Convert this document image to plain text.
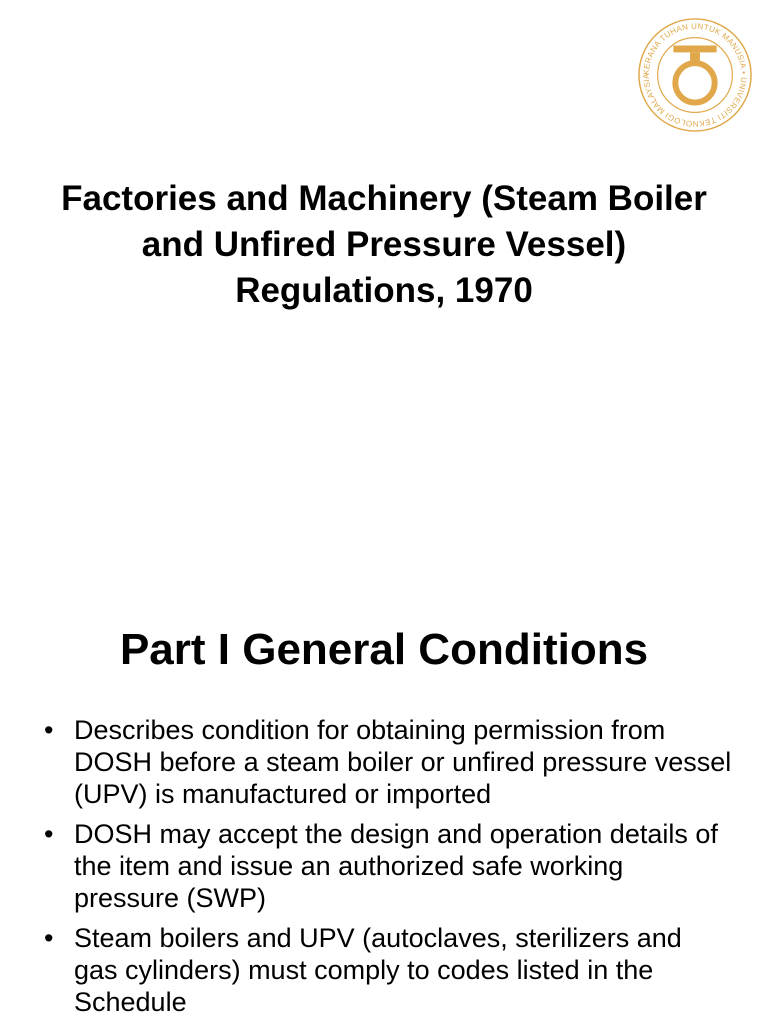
KERANA TUHAN UNTUK MANUSIA • UNIVERSITI TEKNOLOGI MALAYSIA
Factories and Machinery (Steam Boiler and Unfired Pressure Vessel) Regulations, 1970
Part I General Conditions
• Describes condition for obtaining permission from DOSH before a steam boiler or unfired pressure vessel (UPV) is manufactured or imported
• DOSH may accept the design and operation details of the item and issue an authorized safe working pressure (SWP)
• Steam boilers and UPV (autoclaves, sterilizers and gas cylinders) must comply to codes listed in the Schedule
